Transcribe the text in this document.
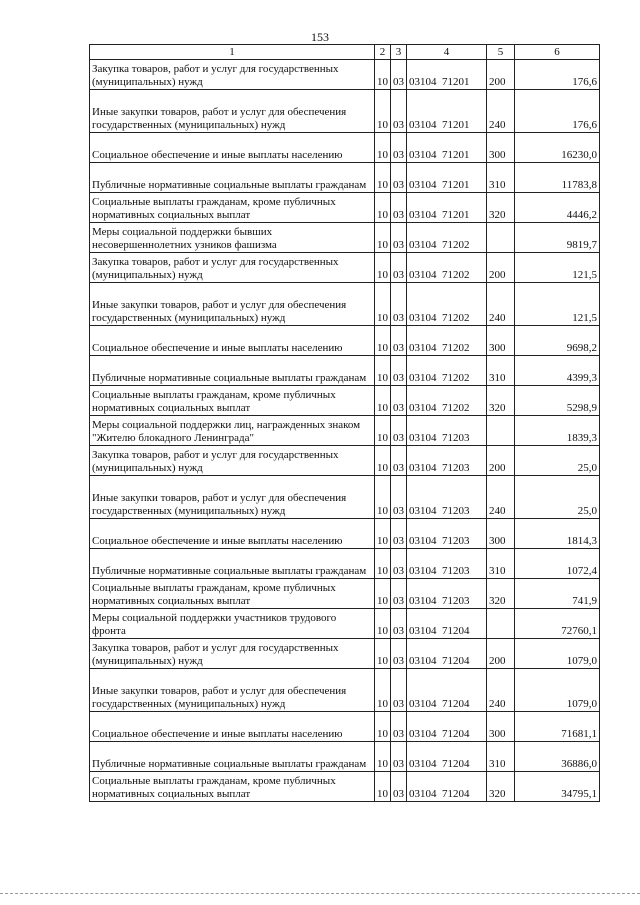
153
1	2	3	4	5	6
Закупка товаров, работ и услуг для государственных (муниципальных) нужд	10	03	03104  71201	200	176,6
Иные закупки товаров, работ и услуг для обеспечения государственных (муниципальных) нужд	10	03	03104  71201	240	176,6
Социальное обеспечение и иные выплаты населению	10	03	03104  71201	300	16230,0
Публичные нормативные социальные выплаты гражданам	10	03	03104  71201	310	11783,8
Социальные выплаты гражданам, кроме публичных нормативных социальных выплат	10	03	03104  71201	320	4446,2
Меры социальной поддержки бывших несовершеннолетних узников фашизма	10	03	03104  71202		9819,7
Закупка товаров, работ и услуг для государственных (муниципальных) нужд	10	03	03104  71202	200	121,5
Иные закупки товаров, работ и услуг для обеспечения государственных (муниципальных) нужд	10	03	03104  71202	240	121,5
Социальное обеспечение и иные выплаты населению	10	03	03104  71202	300	9698,2
Публичные нормативные социальные выплаты гражданам	10	03	03104  71202	310	4399,3
Социальные выплаты гражданам, кроме публичных нормативных социальных выплат	10	03	03104  71202	320	5298,9
Меры социальной поддержки лиц, награжденных знаком "Жителю блокадного Ленинграда"	10	03	03104  71203		1839,3
Закупка товаров, работ и услуг для государственных (муниципальных) нужд	10	03	03104  71203	200	25,0
Иные закупки товаров, работ и услуг для обеспечения государственных (муниципальных) нужд	10	03	03104  71203	240	25,0
Социальное обеспечение и иные выплаты населению	10	03	03104  71203	300	1814,3
Публичные нормативные социальные выплаты гражданам	10	03	03104  71203	310	1072,4
Социальные выплаты гражданам, кроме публичных нормативных социальных выплат	10	03	03104  71203	320	741,9
Меры социальной поддержки участников трудового фронта	10	03	03104  71204		72760,1
Закупка товаров, работ и услуг для государственных (муниципальных) нужд	10	03	03104  71204	200	1079,0
Иные закупки товаров, работ и услуг для обеспечения государственных (муниципальных) нужд	10	03	03104  71204	240	1079,0
Социальное обеспечение и иные выплаты населению	10	03	03104  71204	300	71681,1
Публичные нормативные социальные выплаты гражданам	10	03	03104  71204	310	36886,0
Социальные выплаты гражданам, кроме публичных нормативных социальных выплат	10	03	03104  71204	320	34795,1
